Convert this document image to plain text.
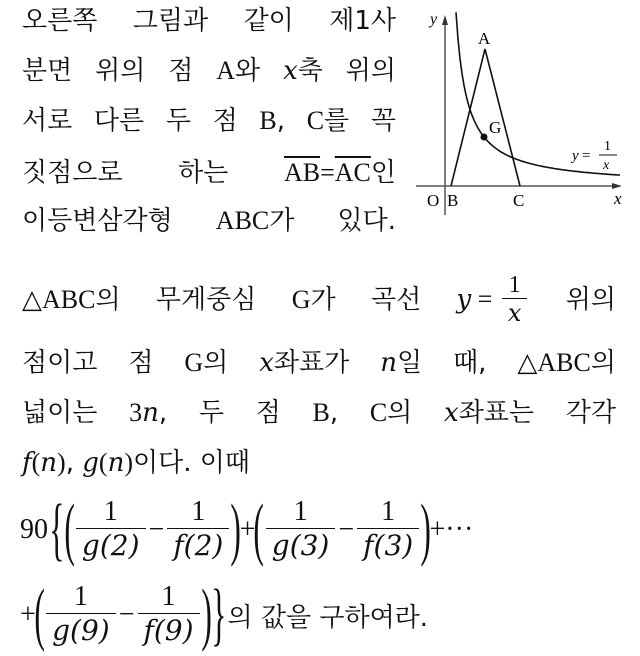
오른쪽 그림과 같이 제1사
분면 위의 점 A와 x축 위의
서로 다른 두 점 B, C를 꼭
짓점으로 하는 $\overline{AB}=\overline{AC}$인
이등변삼각형 ABC가 있다.
△ABC의 무게중심 G가 곡선 $y = \frac{1}{x}$ 위의
점이고 점 G의 x좌표가 n일 때, △ABC의
넓이는 3n, 두 점 B, C의 x좌표는 각각
f(n), g(n)이다. 이때
A
G
O B	C	x
y
y =
1
x
90 { ( $\frac{1}{g(2)} - \frac{1}{f(2)}$ )
+
( $\frac{1}{g(3)} - \frac{1}{f(3)}$ )
+···
+
( $\frac{1}{g(9)} - \frac{1}{f(9)}$ ) } 의 값을 구하여라.
